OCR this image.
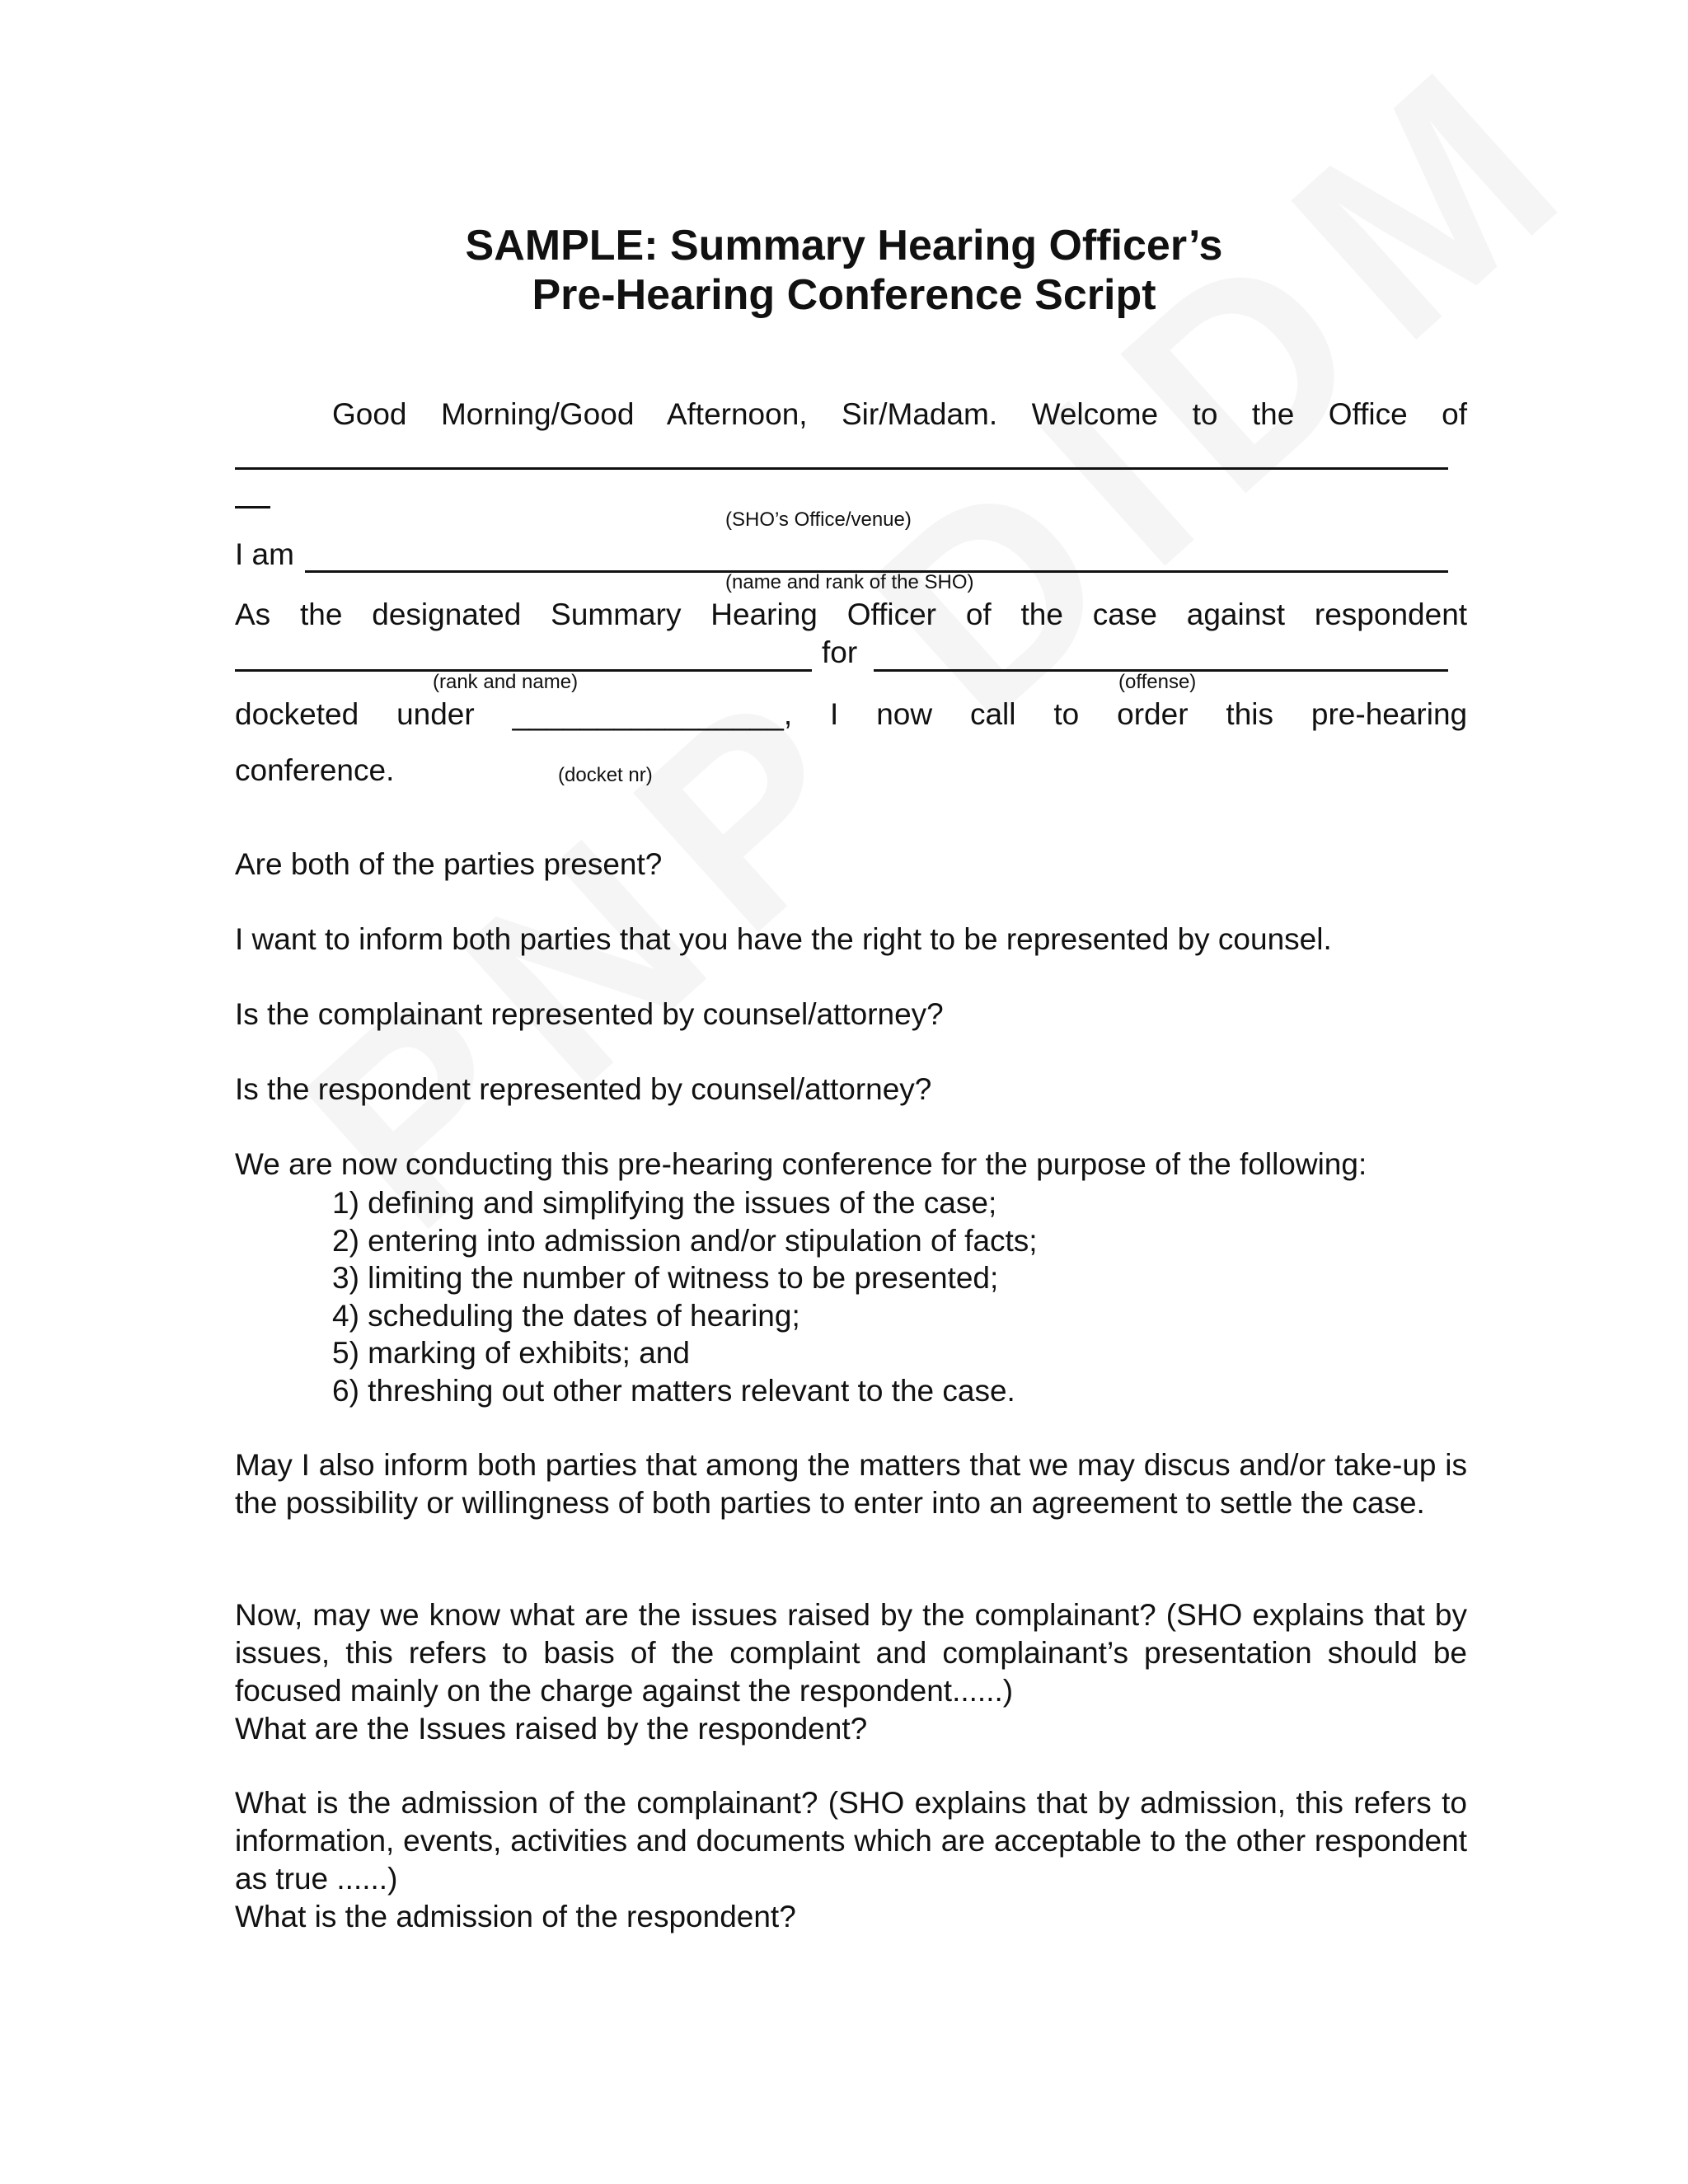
SAMPLE: Summary Hearing Officer’s
Pre-Hearing Conference Script
Good Morning/Good Afternoon, Sir/Madam. Welcome to the Office of
(SHO’s Office/venue)
I am
(name and rank of the SHO)
As the designated Summary Hearing Officer of the case against respondent
for
(rank and name)	(offense)
docketed under ________________, I now call to order this pre-hearing
conference.	(docket nr)
Are both of the parties present?
I want to inform both parties that you have the right to be represented by counsel.
Is the complainant represented by counsel/attorney?
Is the respondent represented by counsel/attorney?
We are now conducting this pre-hearing conference for the purpose of the following:
1) defining and simplifying the issues of the case;
2) entering into admission and/or stipulation of facts;
3) limiting the number of witness to be presented;
4) scheduling the dates of hearing;
5) marking of exhibits; and
6) threshing out other matters relevant to the case.

May I also inform both parties that among the matters that we may discus and/or take-up is the possibility or willingness of both parties to enter into an agreement to settle the case.

Now, may we know what are the issues raised by the complainant? (SHO explains that by issues, this refers to basis of the complaint and complainant’s presentation should be focused mainly on the charge against the respondent......)

What are the Issues raised by the respondent?

What is the admission of the complainant? (SHO explains that by admission, this refers to information, events, activities and documents which are acceptable to the other respondent as true ......)

What is the admission of the respondent?
